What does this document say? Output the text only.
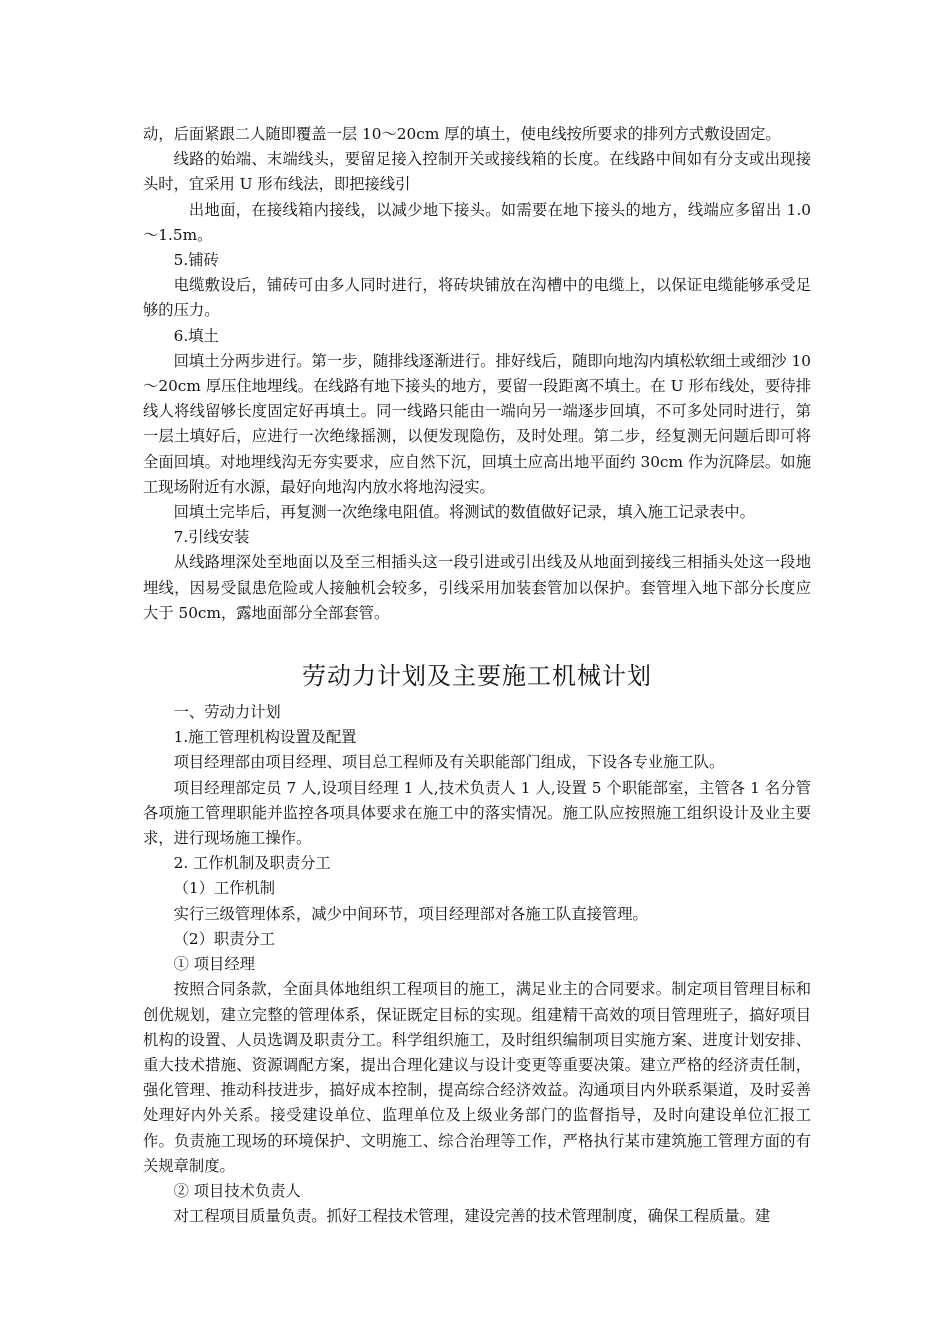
动，后面紧跟二人随即覆盖一层 10～20cm 厚的填土，使电线按所要求的排列方式敷设固定。

线路的始端、末端线头，要留足接入控制开关或接线箱的长度。在线路中间如有分支或出现接头时，宜采用 U 形布线法，即把接线引

出地面，在接线箱内接线，以减少地下接头。如需要在地下接头的地方，线端应多留出 1.0～1.5m。

5.铺砖

电缆敷设后，铺砖可由多人同时进行，将砖块铺放在沟槽中的电缆上，以保证电缆能够承受足够的压力。

6.填土

回填土分两步进行。第一步，随排线逐渐进行。排好线后，随即向地沟内填松软细土或细沙 10～20cm 厚压住地埋线。在线路有地下接头的地方，要留一段距离不填土。在 U 形布线处，要待排线人将线留够长度固定好再填土。同一线路只能由一端向另一端逐步回填，不可多处同时进行，第一层土填好后，应进行一次绝缘摇测，以便发现隐伤，及时处理。第二步，经复测无问题后即可将全面回填。对地埋线沟无夯实要求，应自然下沉，回填土应高出地平面约 30cm 作为沉降层。如施工现场附近有水源，最好向地沟内放水将地沟浸实。

回填土完毕后，再复测一次绝缘电阻值。将测试的数值做好记录，填入施工记录表中。

7.引线安装

从线路埋深处至地面以及至三相插头这一段引进或引出线及从地面到接线三相插头处这一段地埋线，因易受鼠患危险或人接触机会较多，引线采用加装套管加以保护。套管埋入地下部分长度应大于 50cm，露地面部分全部套管。

劳动力计划及主要施工机械计划

一、劳动力计划

1.施工管理机构设置及配置

项目经理部由项目经理、项目总工程师及有关职能部门组成，下设各专业施工队。

项目经理部定员 7 人,设项目经理 1 人,技术负责人 1 人,设置 5 个职能部室，主管各 1 名分管各项施工管理职能并监控各项具体要求在施工中的落实情况。施工队应按照施工组织设计及业主要求，进行现场施工操作。

2. 工作机制及职责分工

（1）工作机制

实行三级管理体系，减少中间环节，项目经理部对各施工队直接管理。

（2）职责分工

① 项目经理

按照合同条款，全面具体地组织工程项目的施工，满足业主的合同要求。制定项目管理目标和创优规划，建立完整的管理体系，保证既定目标的实现。组建精干高效的项目管理班子，搞好项目机构的设置、人员选调及职责分工。科学组织施工，及时组织编制项目实施方案、进度计划安排、重大技术措施、资源调配方案，提出合理化建议与设计变更等重要决策。建立严格的经济责任制，强化管理、推动科技进步，搞好成本控制，提高综合经济效益。沟通项目内外联系渠道，及时妥善处理好内外关系。接受建设单位、监理单位及上级业务部门的监督指导，及时向建设单位汇报工作。负责施工现场的环境保护、文明施工、综合治理等工作，严格执行某市建筑施工管理方面的有关规章制度。

② 项目技术负责人

对工程项目质量负责。抓好工程技术管理，建设完善的技术管理制度，确保工程质量。建
